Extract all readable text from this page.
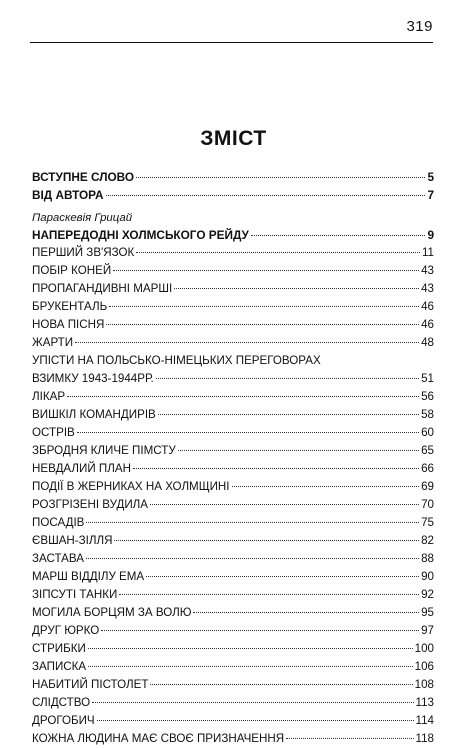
319
ЗМІСТ
ВСТУПНЕ СЛОВО	5
ВІД АВТОРА	7
Параскевія Грицай
НАПЕРЕДОДНІ ХОЛМСЬКОГО РЕЙДУ	9
ПЕРШИЙ ЗВ'ЯЗОК	11
ПОБІР КОНЕЙ	43
ПРОПАГАНДИВНІ МАРШІ	43
БРУКЕНТАЛЬ	46
НОВА ПІСНЯ	46
ЖАРТИ	48
УПІСТИ НА ПОЛЬСЬКО-НІМЕЦЬКИХ ПЕРЕГОВОРАХ
ВЗИМКУ 1943-1944РР.	51
ЛІКАР	56
ВИШКІЛ КОМАНДИРІВ	58
ОСТРІВ	60
ЗБРОДНЯ КЛИЧЕ ПІМСТУ	65
НЕВДАЛИЙ ПЛАН	66
ПОДІЇ В ЖЕРНИКАХ НА ХОЛМЩИНІ	69
РОЗГРІЗЕНІ ВУДИЛА	70
ПОСАДІВ	75
ЄВШАН-ЗІЛЛЯ	82
ЗАСТАВА	88
МАРШ ВІДДІЛУ ЕМА	90
ЗІПСУТІ ТАНКИ	92
МОГИЛА БОРЦЯМ ЗА ВОЛЮ	95
ДРУГ ЮРКО	97
СТРИБКИ	100
ЗАПИСКА	106
НАБИТИЙ ПІСТОЛЕТ	108
СЛІДСТВО	113
ДРОГОБИЧ	114
КОЖНА ЛЮДИНА МАЄ СВОЄ ПРИЗНАЧЕННЯ	118
